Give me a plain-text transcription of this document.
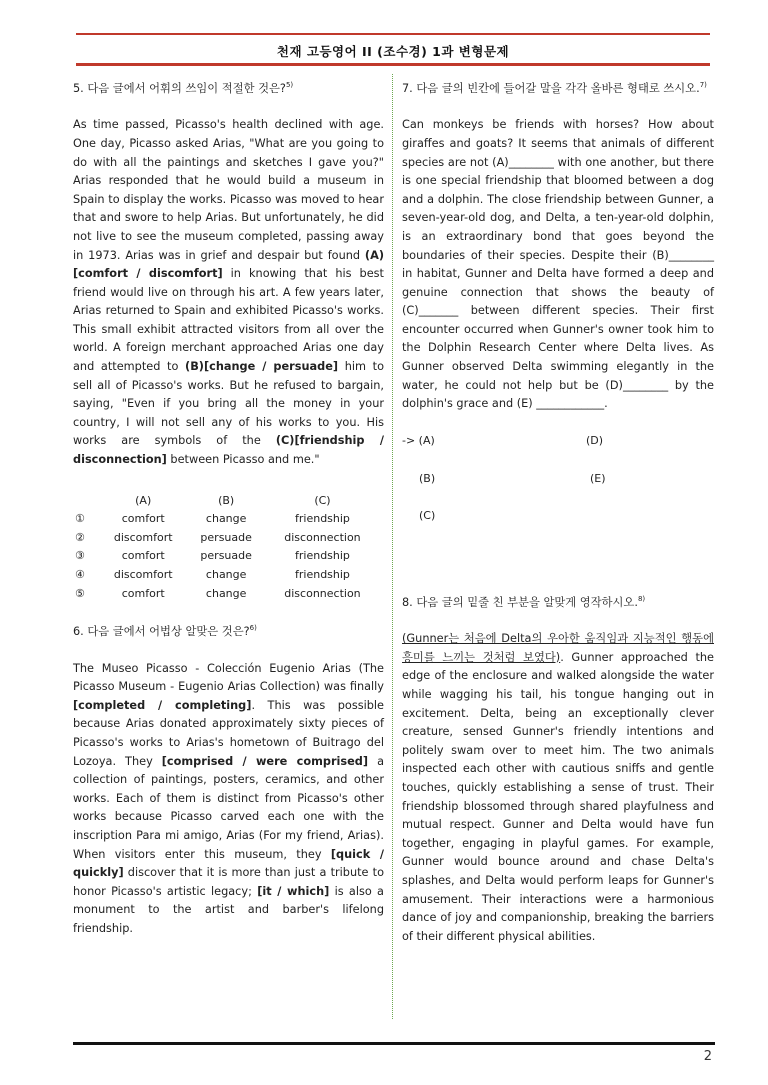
천재 고등영어 II (조수경) 1과 변형문제

5. 다음 글에서 어휘의 쓰임이 적절한 것은?$^{5)}$

As time passed, Picasso's health declined with age. One day, Picasso asked Arias, "What are you going to do with all the paintings and sketches I gave you?" Arias responded that he would build a museum in Spain to display the works. Picasso was moved to hear that and swore to help Arias. But unfortunately, he did not live to see the museum completed, passing away in 1973. Arias was in grief and despair but found (A)[comfort / discomfort] in knowing that his best friend would live on through his art. A few years later, Arias returned to Spain and exhibited Picasso's works. This small exhibit attracted visitors from all over the world. A foreign merchant approached Arias one day and attempted to (B)[change / persuade] him to sell all of Picasso's works. But he refused to bargain, saying, "Even if you bring all the money in your country, I will not sell any of his works to you. His works are symbols of the (C)[friendship / disconnection] between Picasso and me."

	(A)	(B)	(C)
①	comfort	change	friendship
②	discomfort	persuade	disconnection
③	comfort	persuade	friendship
④	discomfort	change	friendship
⑤	comfort	change	disconnection

6. 다음 글에서 어법상 알맞은 것은?$^{6)}$

The Museo Picasso - Colección Eugenio Arias (The Picasso Museum - Eugenio Arias Collection) was finally [completed / completing]. This was possible because Arias donated approximately sixty pieces of Picasso's works to Arias's hometown of Buitrago del Lozoya. They [comprised / were comprised] a collection of paintings, posters, ceramics, and other works. Each of them is distinct from Picasso's other works because Picasso carved each one with the inscription Para mi amigo, Arias (For my friend, Arias). When visitors enter this museum, they [quick / quickly] discover that it is more than just a tribute to honor Picasso's artistic legacy; [it / which] is also a monument to the artist and barber's lifelong friendship.

7. 다음 글의 빈칸에 들어갈 말을 각각 올바른 형태로 쓰시오.$^{7)}$

Can monkeys be friends with horses? How about giraffes and goats? It seems that animals of different species are not (A)________ with one another, but there is one special friendship that bloomed between a dog and a dolphin. The close friendship between Gunner, a seven-year-old dog, and Delta, a ten-year-old dolphin, is an extraordinary bond that goes beyond the boundaries of their species. Despite their (B)________ in habitat, Gunner and Delta have formed a deep and genuine connection that shows the beauty of (C)_______ between different species. Their first encounter occurred when Gunner's owner took him to the Dolphin Research Center where Delta lives. As Gunner observed Delta swimming elegantly in the water, he could not help but be (D)________ by the dolphin's grace and (E) ____________.

-> (A)	(D)
(B)	(E)
(C)

8. 다음 글의 밑줄 친 부분을 알맞게 영작하시오.$^{8)}$

(Gunner는 처음에 Delta의 우아한 움직임과 지능적인 행동에 흥미를 느끼는 것처럼 보였다). Gunner approached the edge of the enclosure and walked alongside the water while wagging his tail, his tongue hanging out in excitement. Delta, being an exceptionally clever creature, sensed Gunner's friendly intentions and politely swam over to meet him. The two animals inspected each other with cautious sniffs and gentle touches, quickly establishing a sense of trust. Their friendship blossomed through shared playfulness and mutual respect. Gunner and Delta would have fun together, engaging in playful games. For example, Gunner would bounce around and chase Delta's splashes, and Delta would perform leaps for Gunner's amusement. Their interactions were a harmonious dance of joy and companionship, breaking the barriers of their different physical abilities.

2
